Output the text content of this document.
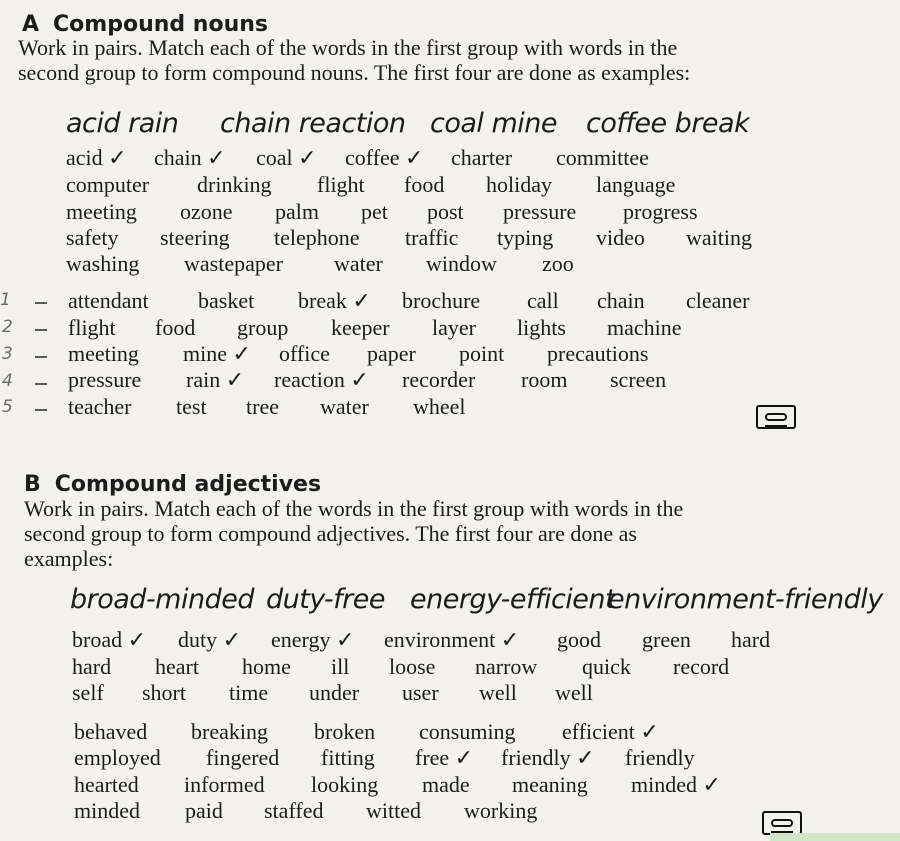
A Compound nouns

Work in pairs. Match each of the words in the first group with words in the
second group to form compound nouns. The first four are done as examples:

acid rain chain reaction coal mine coffee break
acid ✓ chain ✓ coal ✓ coffee ✓ charter committee
computer drinking flight food holiday language
meeting ozone palm pet post pressure progress
safety steering telephone traffic typing video waiting
washing wastepaper water window zoo
1
2
3
4
5
attendant basket break ✓ brochure call chain cleaner
flight food group keeper layer lights machine
meeting mine ✓ office paper point precautions
pressure rain ✓ reaction ✓ recorder room screen
teacher test tree water wheel
B Compound adjectives

Work in pairs. Match each of the words in the first group with words in the
second group to form compound adjectives. The first four are done as
examples:

broad-minded duty-free energy-efficient
environment-friendly
broad ✓ duty ✓ energy ✓ environment ✓ good green hard
hard heart home ill loose narrow quick record
self short time under user well well
behaved breaking broken consuming efficient ✓
employed fingered fitting free ✓ friendly ✓ friendly
hearted informed looking made meaning minded ✓
minded paid staffed witted working
